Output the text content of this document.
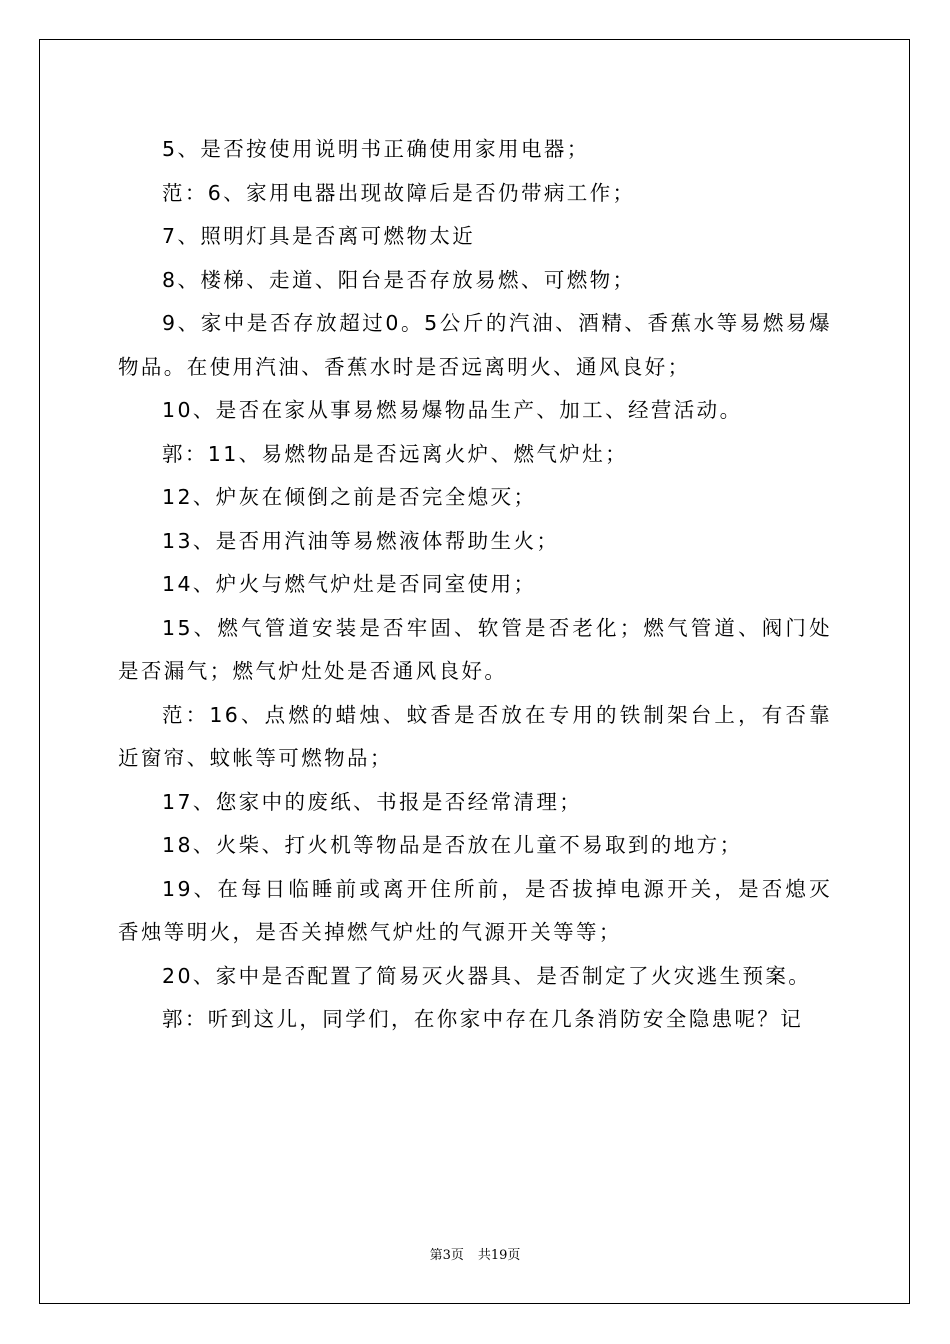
5、是否按使用说明书正确使用家用电器；

范：6、家用电器出现故障后是否仍带病工作；

7、照明灯具是否离可燃物太近

8、楼梯、走道、阳台是否存放易燃、可燃物；

9、家中是否存放超过0。5公斤的汽油、酒精、香蕉水等易燃易爆物品。在使用汽油、香蕉水时是否远离明火、通风良好；

10、是否在家从事易燃易爆物品生产、加工、经营活动。

郭：11、易燃物品是否远离火炉、燃气炉灶；

12、炉灰在倾倒之前是否完全熄灭；

13、是否用汽油等易燃液体帮助生火；

14、炉火与燃气炉灶是否同室使用；

15、燃气管道安装是否牢固、软管是否老化；燃气管道、阀门处是否漏气；燃气炉灶处是否通风良好。

范：16、点燃的蜡烛、蚊香是否放在专用的铁制架台上，有否靠近窗帘、蚊帐等可燃物品；

17、您家中的废纸、书报是否经常清理；

18、火柴、打火机等物品是否放在儿童不易取到的地方；

19、在每日临睡前或离开住所前，是否拔掉电源开关，是否熄灭香烛等明火，是否关掉燃气炉灶的气源开关等等；

20、家中是否配置了简易灭火器具、是否制定了火灾逃生预案。

郭：听到这儿，同学们，在你家中存在几条消防安全隐患呢？记

第3页 共19页
